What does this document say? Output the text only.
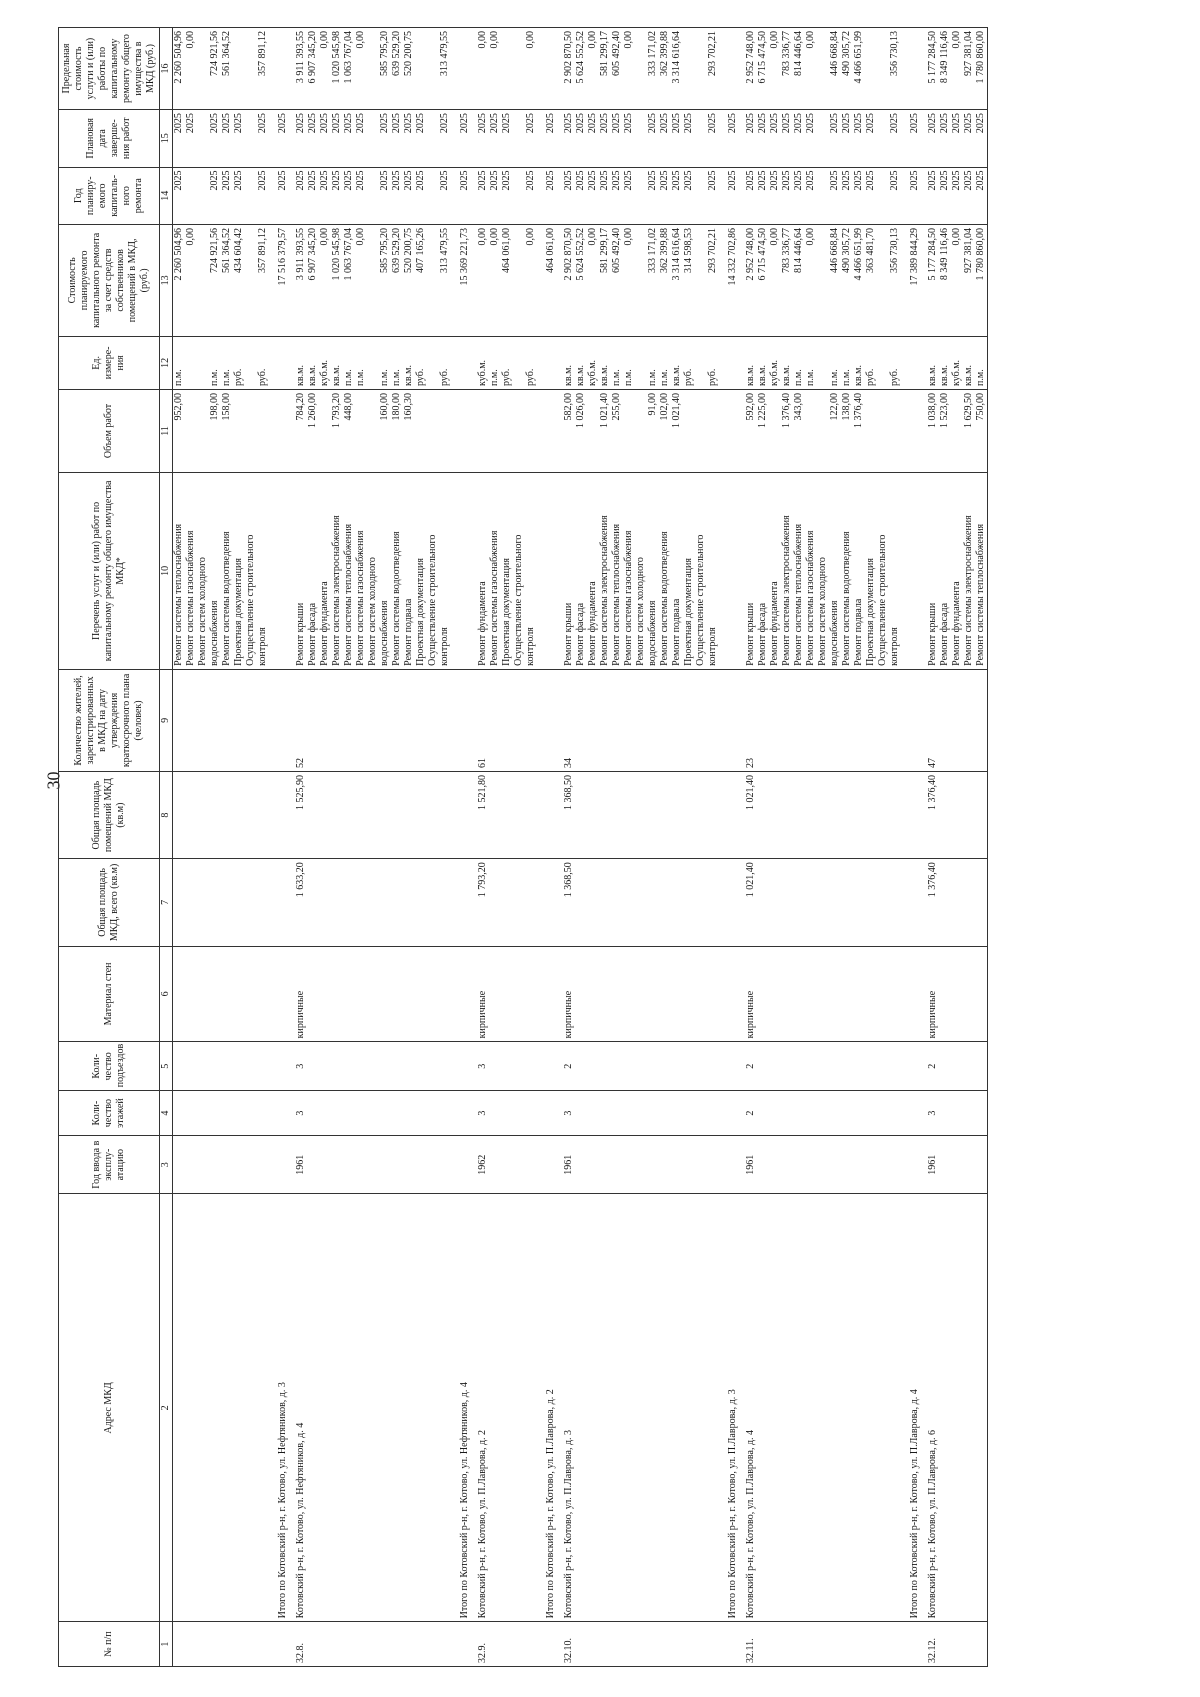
30
№ п/п	Адрес МКД	Год ввода в эксплу-атацию	Коли-чество этажей	Коли-чество подъездов	Материал стен	Общая площадь МКД, всего (кв.м)	Общая площадь помещений МКД (кв.м)	Количество жителей, зарегистрированных в МКД на дату утверждения краткосрочного плана (человек)	Перечень услуг и (или) работ по капитальному ремонту общего имущества МКД*	Объем работ	Ед. измере-ния	Стоимость планируемого капитального ремонта за счет средств собственников помещений в МКД, (руб.)	Год планиру-емого капиталь-ного ремонта	Плановая дата заверше-ния работ	Предельная стоимость услуги и (или) работы по капитальному ремонту общего имущества в МКД (руб.)
1	2	3	4	5	6	7	8	9	10	11	12	13	14	15	16
									Ремонт системы теплоснабжения	952,00	п.м.	2 260 504,96	2025	2025	2 260 504,96
									Ремонт системы газоснабжения			0,00		2025	0,00
									Ремонт систем холодного						
									водоснабжения	198,00	п.м.	724 921,56	2025	2025	724 921,56
									Ремонт системы водоотведения	158,00	п.м.	561 364,52	2025	2025	561 364,52
									Проектная документация		руб.	434 604,42	2025	2025	
									Осуществление строительного						
									контроля		руб.	357 891,12	2025	2025	357 891,12
	Итого по Котовский р-н, г. Котово, ул. Нефтяников, д. 3											17 516 379,57	2025	2025	
32.8.	Котовский р-н, г. Котово, ул. Нефтяников, д. 4	1961	3	3	кирпичные	1 633,20	1 525,90	52	Ремонт крыши	784,20	кв.м.	3 911 393,55	2025	2025	3 911 393,55
									Ремонт фасада	1 260,00	кв.м.	6 907 345,20	2025	2025	6 907 345,20
									Ремонт фундамента		куб.м.	0,00	2025	2025	0,00
									Ремонт системы электроснабжения	1 793,20	кв.м.	1 020 545,98	2025	2025	1 020 545,98
									Ремонт системы теплоснабжения	448,00	п.м.	1 063 767,04	2025	2025	1 063 767,04
									Ремонт системы газоснабжения		п.м.	0,00	2025	2025	0,00
									Ремонт систем холодного						
									водоснабжения	160,00	п.м.	585 795,20	2025	2025	585 795,20
									Ремонт системы водоотведения	180,00	п.м.	639 529,20	2025	2025	639 529,20
									Ремонт подвала	160,30	кв.м.	520 200,75	2025	2025	520 200,75
									Проектная документация		руб.	407 165,26	2025	2025	
									Осуществление строительного						
									контроля		руб.	313 479,55	2025	2025	313 479,55
	Итого по Котовский р-н, г. Котово, ул. Нефтяников, д. 4											15 369 221,73	2025	2025	
32.9.	Котовский р-н, г. Котово, ул. П.Лаврова, д. 2	1962	3	3	кирпичные	1 793,20	1 521,80	61	Ремонт фундамента		куб.м.	0,00	2025	2025	0,00
									Ремонт системы газоснабжения		п.м.	0,00	2025	2025	0,00
									Проектная документация		руб.	464 061,00	2025	2025	
									Осуществление строительного						
									контроля		руб.	0,00	2025	2025	0,00
	Итого по Котовский р-н, г. Котово, ул. П.Лаврова, д. 2											464 061,00	2025	2025	
32.10.	Котовский р-н, г. Котово, ул. П.Лаврова, д. 3	1961	3	2	кирпичные	1 368,50	1 368,50	34	Ремонт крыши	582,00	кв.м.	2 902 870,50	2025	2025	2 902 870,50
									Ремонт фасада	1 026,00	кв.м.	5 624 552,52	2025	2025	5 624 552,52
									Ремонт фундамента		куб.м.	0,00	2025	2025	0,00
									Ремонт системы электроснабжения	1 021,40	кв.м.	581 299,17	2025	2025	581 299,17
									Ремонт системы теплоснабжения	255,00	п.м.	605 492,40	2025	2025	605 492,40
									Ремонт системы газоснабжения		п.м.	0,00	2025	2025	0,00
									Ремонт систем холодного						
									водоснабжения	91,00	п.м.	333 171,02	2025	2025	333 171,02
									Ремонт системы водоотведения	102,00	п.м.	362 399,88	2025	2025	362 399,88
									Ремонт подвала	1 021,40	кв.м.	3 314 616,64	2025	2025	3 314 616,64
									Проектная документация		руб.	314 598,53	2025	2025	
									Осуществление строительного						
									контроля		руб.	293 702,21	2025	2025	293 702,21
	Итого по Котовский р-н, г. Котово, ул. П.Лаврова, д. 3											14 332 702,86	2025	2025	
32.11.	Котовский р-н, г. Котово, ул. П.Лаврова, д. 4	1961	2	2	кирпичные	1 021,40	1 021,40	23	Ремонт крыши	592,00	кв.м.	2 952 748,00	2025	2025	2 952 748,00
									Ремонт фасада	1 225,00	кв.м.	6 715 474,50	2025	2025	6 715 474,50
									Ремонт фундамента		куб.м.	0,00	2025	2025	0,00
									Ремонт системы электроснабжения	1 376,40	кв.м.	783 336,77	2025	2025	783 336,77
									Ремонт системы теплоснабжения	343,00	п.м.	814 446,64	2025	2025	814 446,64
									Ремонт системы газоснабжения		п.м.	0,00	2025	2025	0,00
									Ремонт систем холодного						
									водоснабжения	122,00	п.м.	446 668,84	2025	2025	446 668,84
									Ремонт системы водоотведения	138,00	п.м.	490 305,72	2025	2025	490 305,72
									Ремонт подвала	1 376,40	кв.м.	4 466 651,99	2025	2025	4 466 651,99
									Проектная документация		руб.	363 481,70	2025	2025	
									Осуществление строительного						
									контроля		руб.	356 730,13	2025	2025	356 730,13
	Итого по Котовский р-н, г. Котово, ул. П.Лаврова, д. 4											17 389 844,29	2025	2025	
32.12.	Котовский р-н, г. Котово, ул. П.Лаврова, д. 6	1961	3	2	кирпичные	1 376,40	1 376,40	47	Ремонт крыши	1 038,00	кв.м.	5 177 284,50	2025	2025	5 177 284,50
									Ремонт фасада	1 523,00	кв.м.	8 349 116,46	2025	2025	8 349 116,46
									Ремонт фундамента		куб.м.	0,00	2025	2025	0,00
									Ремонт системы электроснабжения	1 629,50	кв.м.	927 381,04	2025	2025	927 381,04
									Ремонт системы теплоснабжения	750,00	п.м.	1 780 860,00	2025	2025	1 780 860,00
